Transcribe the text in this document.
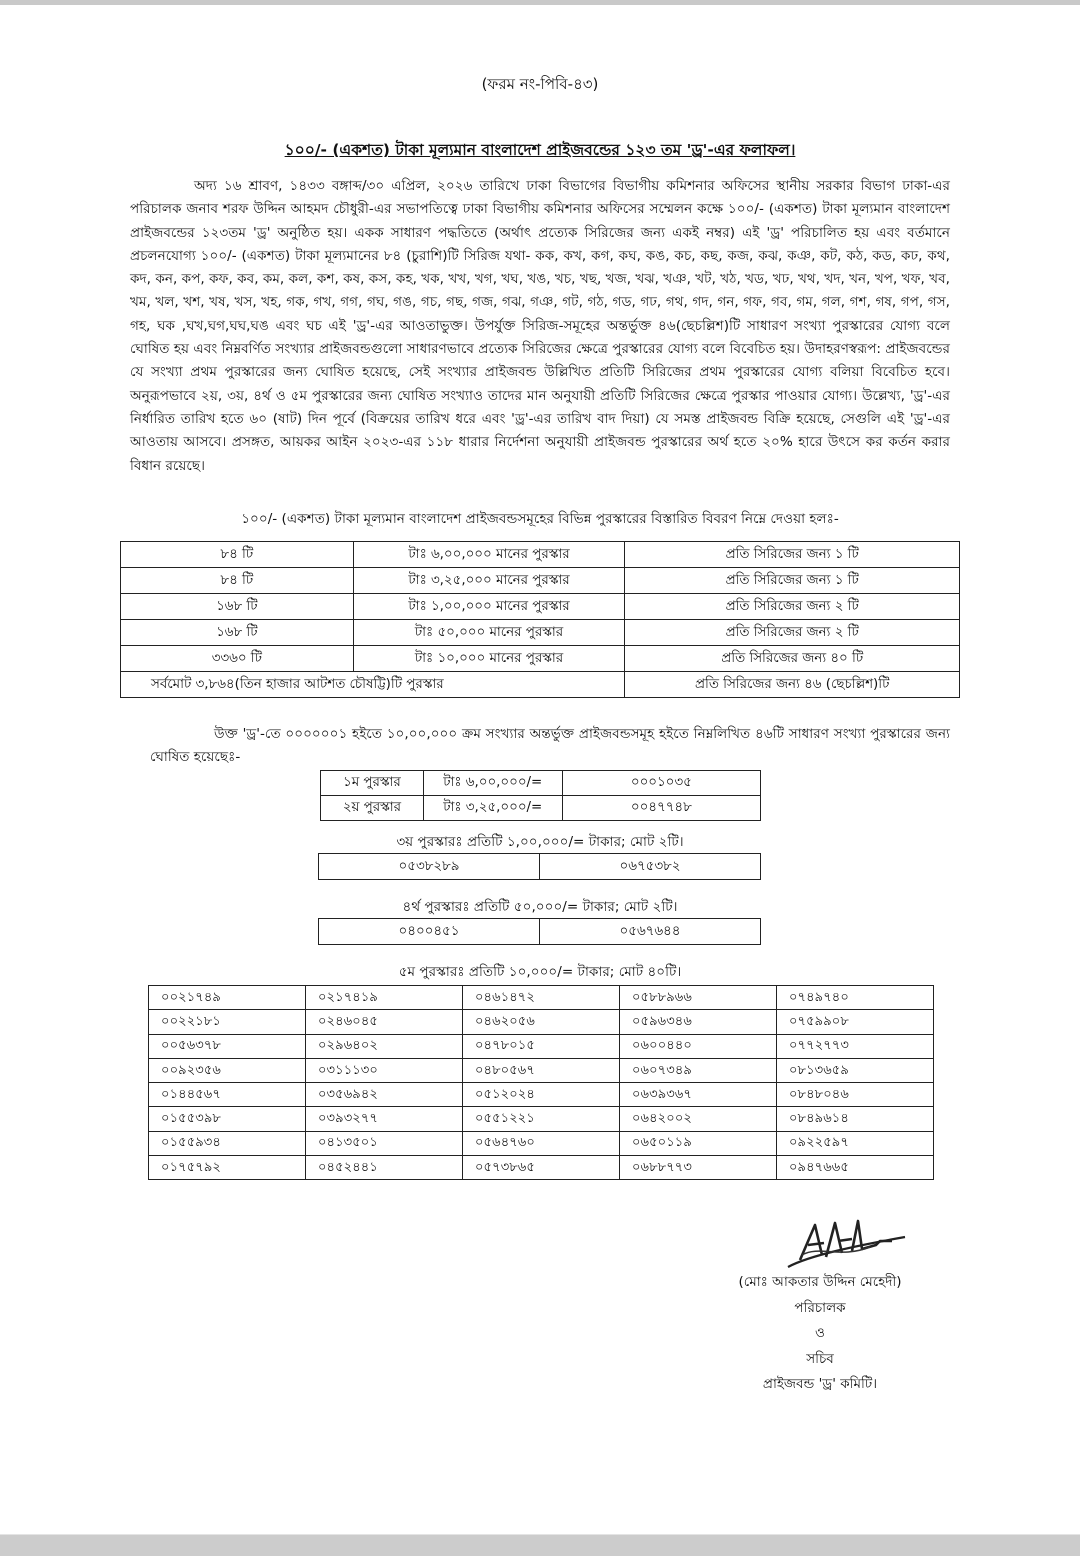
(ফরম নং-পিবি-৪৩)
১০০/- (একশত) টাকা মূল্যমান বাংলাদেশ প্রাইজবন্ডের ১২৩ তম 'ড্র'-এর ফলাফল।
অদ্য ১৬ শ্রাবণ, ১৪৩৩ বঙ্গাব্দ/৩০ এপ্রিল, ২০২৬ তারিখে ঢাকা বিভাগের বিভাগীয় কমিশনার অফিসের স্থানীয় সরকার বিভাগ ঢাকা-এর পরিচালক জনাব শরফ উদ্দিন আহমদ চৌধুরী-এর সভাপতিত্বে ঢাকা বিভাগীয় কমিশনার অফিসের সম্মেলন কক্ষে ১০০/- (একশত) টাকা মূল্যমান বাংলাদেশ প্রাইজবন্ডের ১২৩তম 'ড্র' অনুষ্ঠিত হয়। একক সাধারণ পদ্ধতিতে (অর্থাৎ প্রত্যেক সিরিজের জন্য একই নম্বর) এই 'ড্র' পরিচালিত হয় এবং বর্তমানে প্রচলনযোগ্য ১০০/- (একশত) টাকা মূল্যমানের ৮৪ (চুরাশি)টি সিরিজ যথা- কক, কখ, কগ, কঘ, কঙ, কচ, কছ, কজ, কঝ, কঞ, কট, কঠ, কড, কঢ, কথ, কদ, কন, কপ, কফ, কব, কম, কল, কশ, কষ, কস, কহ, খক, খখ, খগ, খঘ, খঙ, খচ, খছ, খজ, খঝ, খঞ, খট, খঠ, খড, খঢ, খথ, খদ, খন, খপ, খফ, খব, খম, খল, খশ, খষ, খস, খহ, গক, গখ, গগ, গঘ, গঙ, গচ, গছ, গজ, গঝ, গঞ, গট, গঠ, গড, গঢ, গথ, গদ, গন, গফ, গব, গম, গল, গশ, গষ, গপ, গস, গহ, ঘক ,ঘখ,ঘগ,ঘঘ,ঘঙ এবং ঘচ এই 'ড্র'-এর আওতাভুক্ত। উপর্যুক্ত সিরিজ-সমূহের অন্তর্ভুক্ত ৪৬(ছেচল্লিশ)টি সাধারণ সংখ্যা পুরস্কারের যোগ্য বলে ঘোষিত হয় এবং নিম্নবর্ণিত সংখ্যার প্রাইজবন্ডগুলো সাধারণভাবে প্রত্যেক সিরিজের ক্ষেত্রে পুরস্কারের যোগ্য বলে বিবেচিত হয়। উদাহরণস্বরূপ: প্রাইজবন্ডের যে সংখ্যা প্রথম পুরস্কারের জন্য ঘোষিত হয়েছে, সেই সংখ্যার প্রাইজবন্ড উল্লিখিত প্রতিটি সিরিজের প্রথম পুরস্কারের যোগ্য বলিয়া বিবেচিত হবে। অনুরূপভাবে ২য়, ৩য়, ৪র্থ ও ৫ম পুরস্কারের জন্য ঘোষিত সংখ্যাও তাদের মান অনুযায়ী প্রতিটি সিরিজের ক্ষেত্রে পুরস্কার পাওয়ার যোগ্য। উল্লেখ্য, 'ড্র'-এর নির্ধারিত তারিখ হতে ৬০ (ষাট) দিন পূর্বে (বিক্রয়ের তারিখ ধরে এবং 'ড্র'-এর তারিখ বাদ দিয়া) যে সমস্ত প্রাইজবন্ড বিক্রি হয়েছে, সেগুলি এই 'ড্র'-এর আওতায় আসবে। প্রসঙ্গত, আয়কর আইন ২০২৩-এর ১১৮ ধারার নির্দেশনা অনুযায়ী প্রাইজবন্ড পুরস্কারের অর্থ হতে ২০% হারে উৎসে কর কর্তন করার বিধান রয়েছে।
১০০/- (একশত) টাকা মূল্যমান বাংলাদেশ প্রাইজবন্ডসমূহের বিভিন্ন পুরস্কারের বিস্তারিত বিবরণ নিম্নে দেওয়া হলঃ-
৮৪ টি	টাঃ ৬,০০,০০০ মানের পুরস্কার	প্রতি সিরিজের জন্য ১ টি
৮৪ টি	টাঃ ৩,২৫,০০০ মানের পুরস্কার	প্রতি সিরিজের জন্য ১ টি
১৬৮ টি	টাঃ ১,০০,০০০ মানের পুরস্কার	প্রতি সিরিজের জন্য ২ টি
১৬৮ টি	টাঃ ৫০,০০০ মানের পুরস্কার	প্রতি সিরিজের জন্য ২ টি
৩৩৬০ টি	টাঃ ১০,০০০ মানের পুরস্কার	প্রতি সিরিজের জন্য ৪০ টি
সর্বমোট ৩,৮৬৪(তিন হাজার আটশত চৌষট্টি)টি পুরস্কার		প্রতি সিরিজের জন্য ৪৬ (ছেচল্লিশ)টি
উক্ত 'ড্র'-তে ০০০০০০১ হইতে ১০,০০,০০০ ক্রম সংখ্যার অন্তর্ভুক্ত প্রাইজবন্ডসমূহ হইতে নিম্নলিখিত ৪৬টি সাধারণ সংখ্যা পুরস্কারের জন্য ঘোষিত হয়েছেঃ-
১ম পুরস্কার	টাঃ ৬,০০,০০০/=	০০০১০৩৫
২য় পুরস্কার	টাঃ ৩,২৫,০০০/=	০০৪৭৭৪৮
৩য় পুরস্কারঃ প্রতিটি ১,০০,০০০/= টাকার; মোট ২টি।
০৫৩৮২৮৯	০৬৭৫৩৮২
৪র্থ পুরস্কারঃ প্রতিটি ৫০,০০০/= টাকার; মোট ২টি।
০৪০০৪৫১	০৫৬৭৬৪৪
৫ম পুরস্কারঃ প্রতিটি ১০,০০০/= টাকার; মোট ৪০টি।
০০২১৭৪৯	০২১৭৪১৯	০৪৬১৪৭২	০৫৮৮৯৬৬	০৭৪৯৭৪০
০০২২১৮১	০২৪৬০৪৫	০৪৬২০৫৬	০৫৯৬৩৪৬	০৭৫৯৯০৮
০০৫৬৩৭৮	০২৯৬৪০২	০৪৭৮০১৫	০৬০০৪৪০	০৭৭২৭৭৩
০০৯২৩৫৬	০৩১১১৩০	০৪৮০৫৬৭	০৬০৭৩৪৯	০৮১৩৬৫৯
০১৪৪৫৬৭	০৩৫৬৯৪২	০৫১২০২৪	০৬৩৯৩৬৭	০৮৪৮০৪৬
০১৫৫৩৯৮	০৩৯৩২৭৭	০৫৫১২২১	০৬৪২০০২	০৮৪৯৬১৪
০১৫৫৯৩৪	০৪১৩৫০১	০৫৬৪৭৬০	০৬৫০১১৯	০৯২২৫৯৭
০১৭৫৭৯২	০৪৫২৪৪১	০৫৭৩৮৬৫	০৬৮৮৭৭৩	০৯৪৭৬৬৫
(মোঃ আকতার উদ্দিন মেহেদী)
পরিচালক
ও
সচিব
প্রাইজবন্ড 'ড্র' কমিটি।
